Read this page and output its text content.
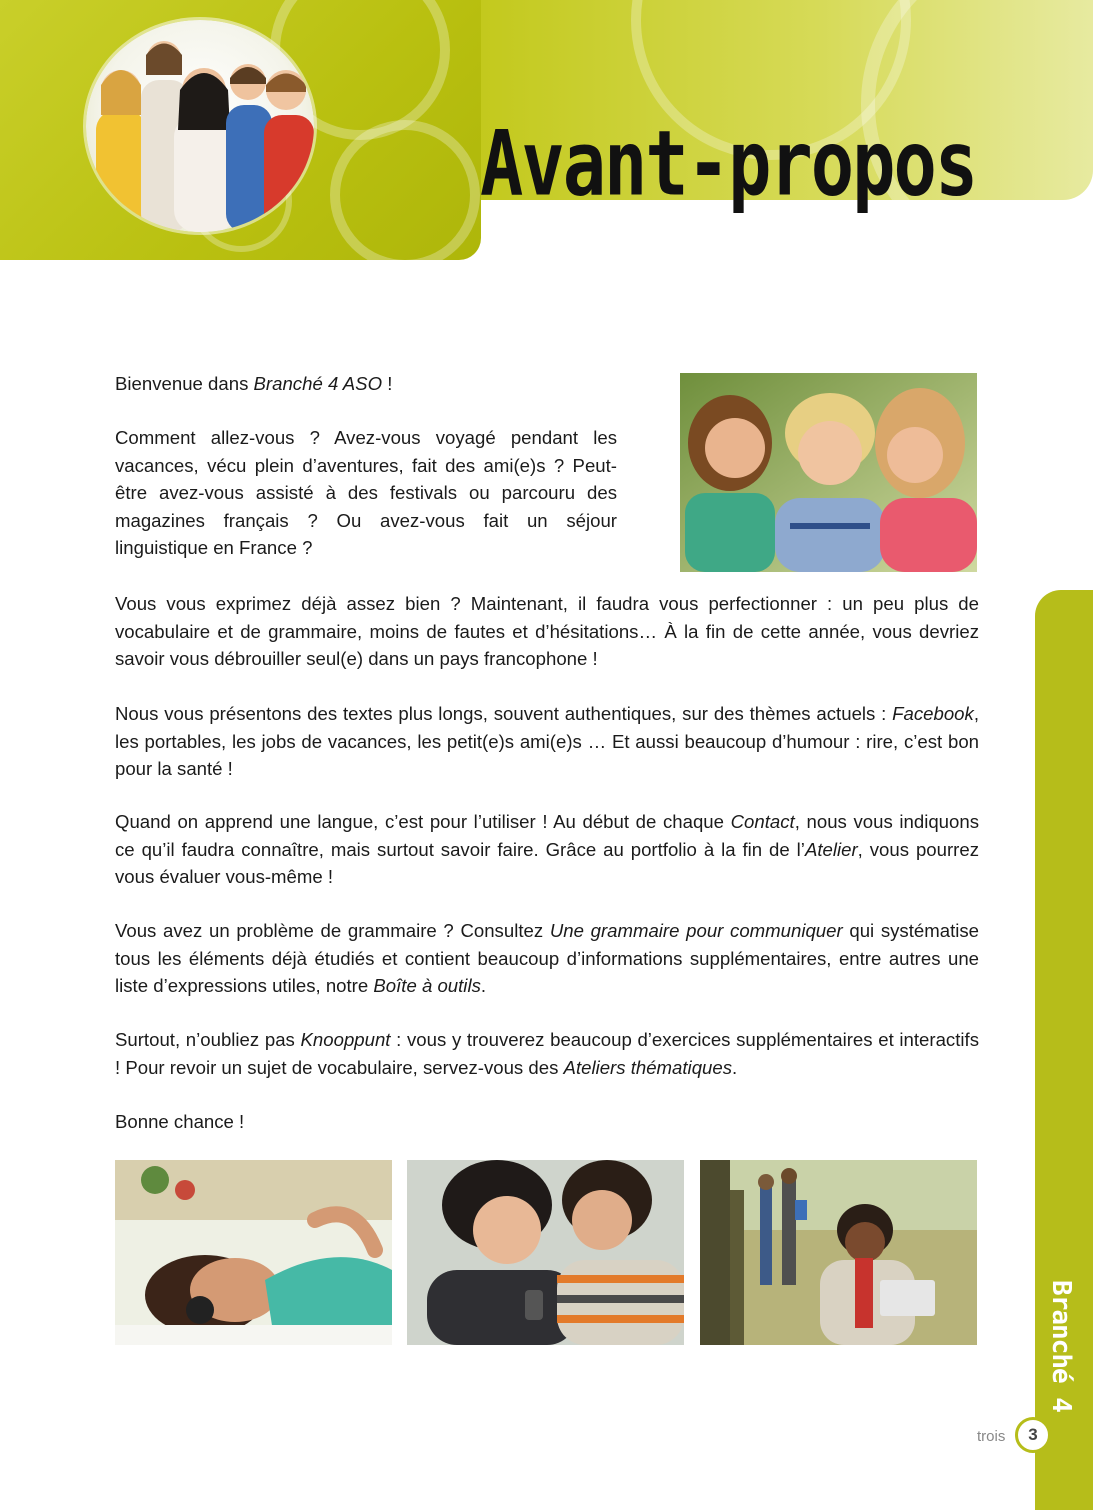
Avant-propos

Bienvenue dans Branché 4 ASO !

Comment allez-vous ? Avez-vous voyagé pendant les vacances, vécu plein d’aventures, fait des ami(e)s ? Peut-être avez-vous assisté à des festivals ou parcouru des magazines français ? Ou avez-vous fait un séjour linguistique en France ?

Vous vous exprimez déjà assez bien ? Maintenant, il faudra vous perfectionner : un peu plus de vocabulaire et de grammaire, moins de fautes et d’hésitations… À la fin de cette année, vous devriez savoir vous débrouiller seul(e) dans un pays francophone !

Nous vous présentons des textes plus longs, souvent authentiques, sur des thèmes actuels : Facebook, les portables, les jobs de vacances, les petit(e)s ami(e)s … Et aussi beaucoup d’humour : rire, c’est bon pour la santé !

Quand on apprend une langue, c’est pour l’utiliser ! Au début de chaque Contact, nous vous indiquons ce qu’il faudra connaître, mais surtout savoir faire. Grâce au portfolio à la fin de l’Atelier, vous pourrez vous évaluer vous-même !

Vous avez un problème de grammaire ? Consultez Une grammaire pour communiquer qui systématise tous les éléments déjà étudiés et contient beaucoup d’informations supplémentaires, entre autres une liste d’expressions utiles, notre Boîte à outils.

Surtout, n’oubliez pas Knooppunt : vous y trouverez beaucoup d’exercices supplémentaires et interactifs ! Pour revoir un sujet de vocabulaire, servez-vous des Ateliers thématiques.

Bonne chance !

Branché 4
trois	3
